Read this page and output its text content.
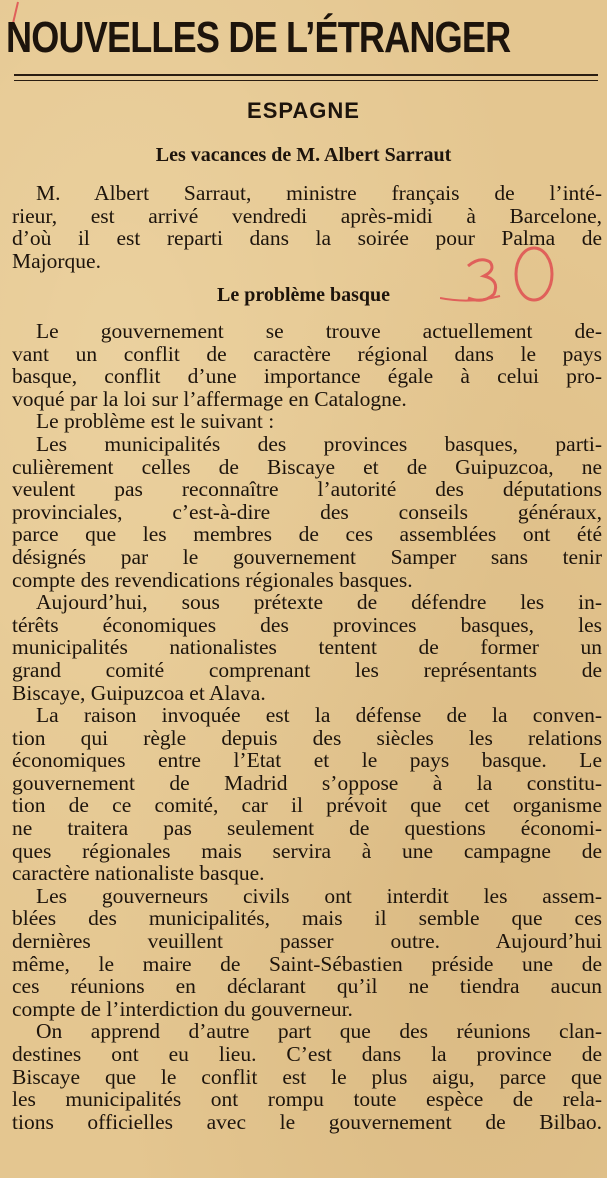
NOUVELLES DE L’ÉTRANGER
ESPAGNE
Les vacances de M. Albert Sarraut
M. Albert Sarraut, ministre français de l’inté-
rieur, est arrivé vendredi après-midi à Barcelone,
d’où il est reparti dans la soirée pour Palma de
Majorque.
Le problème basque
Le gouvernement se trouve actuellement de-
vant un conflit de caractère régional dans le pays
basque, conflit d’une importance égale à celui pro-
voqué par la loi sur l’affermage en Catalogne.
Le problème est le suivant :
Les municipalités des provinces basques, parti-
culièrement celles de Biscaye et de Guipuzcoa, ne
veulent pas reconnaître l’autorité des députations
provinciales, c’est-à-dire des conseils généraux,
parce que les membres de ces assemblées ont été
désignés par le gouvernement Samper sans tenir
compte des revendications régionales basques.
Aujourd’hui, sous prétexte de défendre les in-
térêts économiques des provinces basques, les
municipalités nationalistes tentent de former un
grand comité comprenant les représentants de
Biscaye, Guipuzcoa et Alava.
La raison invoquée est la défense de la conven-
tion qui règle depuis des siècles les relations
économiques entre l’Etat et le pays basque. Le
gouvernement de Madrid s’oppose à la constitu-
tion de ce comité, car il prévoit que cet organisme
ne traitera pas seulement de questions économi-
ques régionales mais servira à une campagne de
caractère nationaliste basque.
Les gouverneurs civils ont interdit les assem-
blées des municipalités, mais il semble que ces
dernières veuillent passer outre. Aujourd’hui
même, le maire de Saint-Sébastien préside une de
ces réunions en déclarant qu’il ne tiendra aucun
compte de l’interdiction du gouverneur.
On apprend d’autre part que des réunions clan-
destines ont eu lieu. C’est dans la province de
Biscaye que le conflit est le plus aigu, parce que
les municipalités ont rompu toute espèce de rela-
tions officielles avec le gouvernement de Bilbao.
